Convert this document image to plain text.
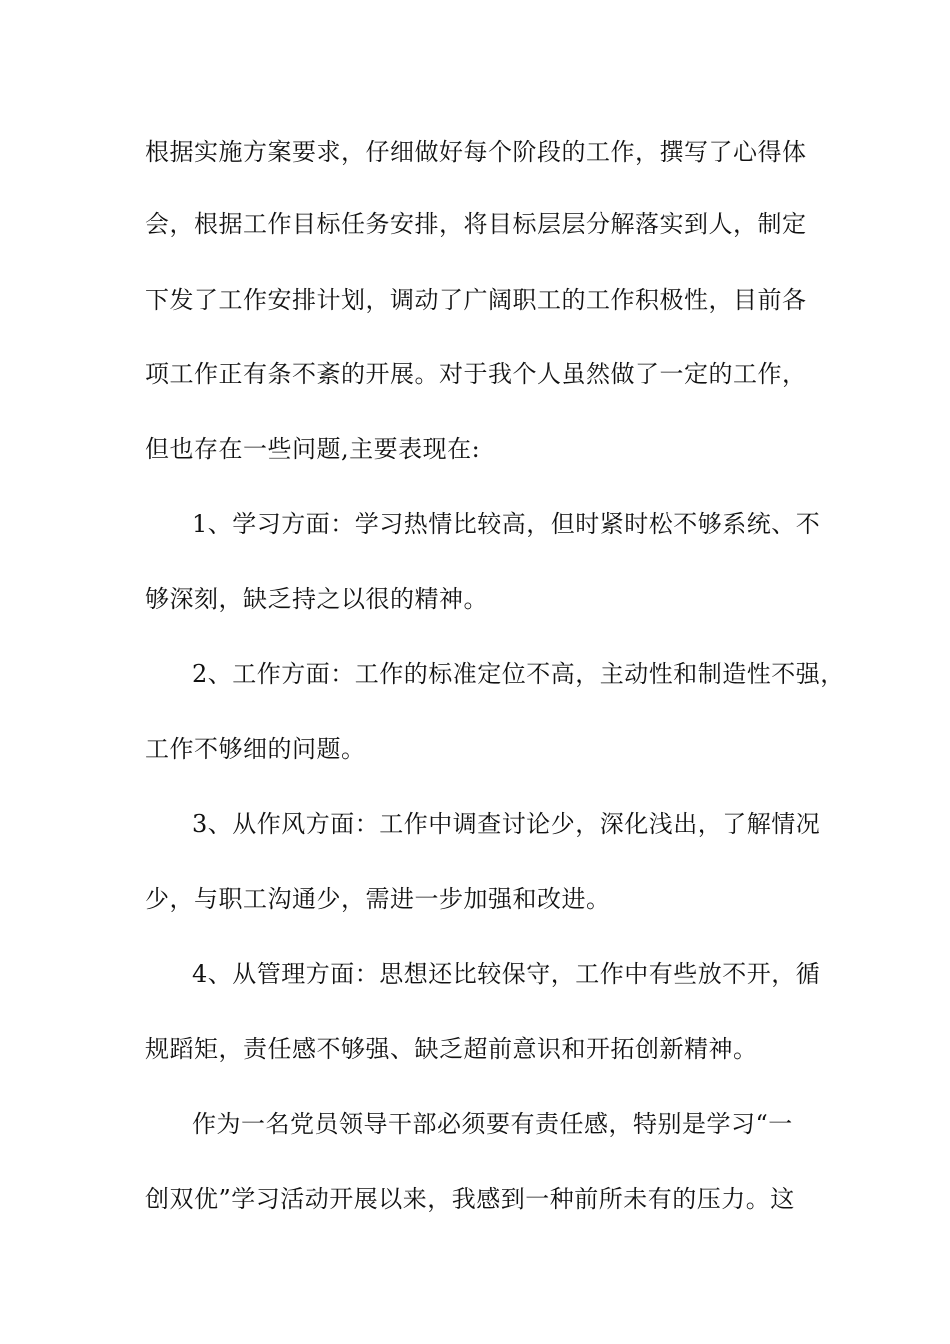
根据实施方案要求，仔细做好每个阶段的工作，撰写了心得体
会，根据工作目标任务安排，将目标层层分解落实到人，制定
下发了工作安排计划，调动了广阔职工的工作积极性，目前各
项工作正有条不紊的开展。对于我个人虽然做了一定的工作，
但也存在一些问题,主要表现在:
1、学习方面：学习热情比较高，但时紧时松不够系统、不
够深刻，缺乏持之以很的精神。
2、工作方面：工作的标准定位不高，主动性和制造性不强，
工作不够细的问题。
3、从作风方面：工作中调查讨论少，深化浅出，了解情况
少，与职工沟通少，需进一步加强和改进。
4、从管理方面：思想还比较保守，工作中有些放不开，循
规蹈矩，责任感不够强、缺乏超前意识和开拓创新精神。
作为一名党员领导干部必须要有责任感，特别是学习“一
创双优”学习活动开展以来，我感到一种前所未有的压力。这
